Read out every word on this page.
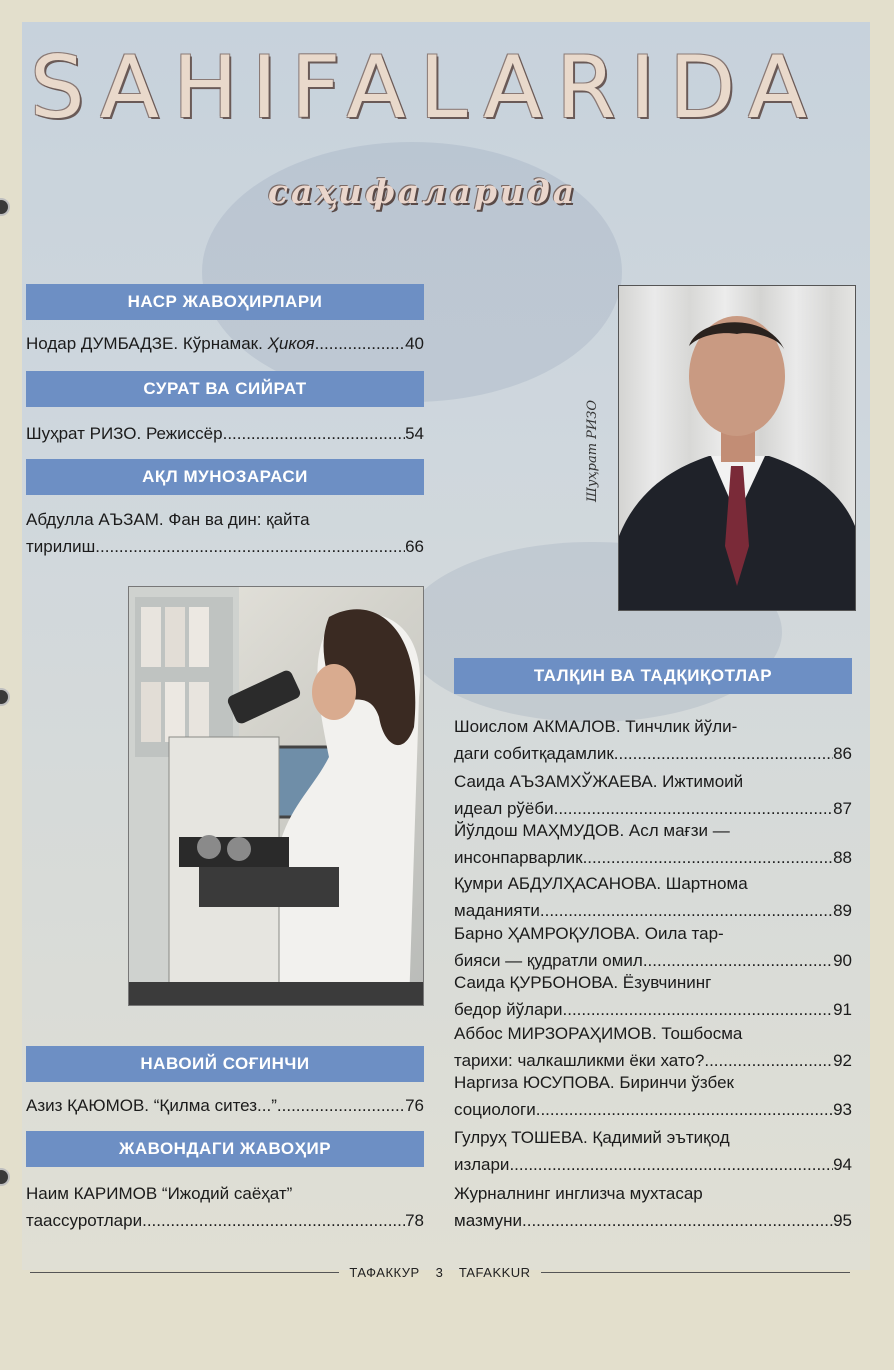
SAHIFALARIDA
саҳифаларида
НАСР ЖАВОҲИРЛАРИ
Нодар ДУМБАДЗЕ.
Кўрнамак.
Ҳикоя .....	40
СУРАТ ВА СИЙРАТ
Шуҳрат РИЗО.
Режиссёр .....	54
АҚЛ МУНОЗАРАСИ
Абдулла АЪЗАМ.
Фан ва дин: қайта
тирилиш .....	66
НАВОИЙ СОҒИНЧИ
Азиз ҚАЮМОВ.
“Қилма ситез...” .....	76
ЖАВОНДАГИ ЖАВОҲИР
Наим КАРИМОВ
“Ижодий саёҳат”
таассуротлари .....	78
Шуҳрат РИЗО
ТАЛҚИН ВА ТАДҚИҚОТЛАР
Шоислом АКМАЛОВ. Тинчлик йўли-
даги собитқадамлик .....	86
Саида АЪЗАМХЎЖАЕВА. Ижтимоий
идеал рўёби .....	87
Йўлдош МАҲМУДОВ. Асл мағзи —
инсонпарварлик .....	88
Қумри АБДУЛҲАСАНОВА. Шартнома
маданияти .....	89
Барно ҲАМРОҚУЛОВА. Оила тар-
бияси — қудратли омил .....	90
Саида ҚУРБОНОВА. Ёзувчининг
бедор йўлари .....	91
Аббос МИРЗОРАҲИМОВ. Тошбосма
тарихи: чалкашликми ёки хато? .....	92
Наргиза ЮСУПОВА. Биринчи ўзбек
социологи .....	93
Гулруҳ ТОШЕВА. Қадимий эътиқод
излари .....	94
Журналнинг инглизча мухтасар
мазмуни .....	95
ТАФАККУР	3	TAFAKKUR
